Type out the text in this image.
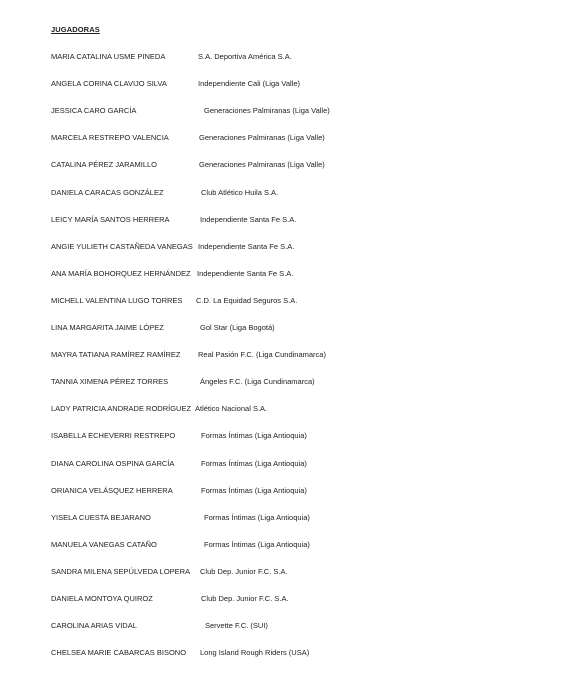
JUGADORAS
MARIA CATALINA USME PINEDA	S.A. Deportiva América S.A.
ANGELA CORINA CLAVIJO SILVA	Independiente Cali (Liga Valle)
JESSICA CARO GARCÍA	Generaciones Palmiranas (Liga Valle)
MARCELA RESTREPO VALENCIA	Generaciones Palmiranas (Liga Valle)
CATALINA PÉREZ JARAMILLO	Generaciones Palmiranas (Liga Valle)
DANIELA CARACAS GONZÁLEZ	Club Atlético Huila S.A.
LEICY MARÍA SANTOS HERRERA	Independiente Santa Fe S.A.
ANGIE YULIETH CASTAÑEDA VANEGAS Independiente Santa Fe S.A.
ANA MARÍA BOHORQUEZ HERNÁNDEZ Independiente Santa Fe S.A.
MICHELL VALENTINA LUGO TORRES C.D. La Equidad Seguros S.A.
LINA MARGARITA JAIME LÓPEZ	Gol Star (Liga Bogotá)
MAYRA TATIANA RAMÍREZ RAMÍREZ Real Pasión F.C. (Liga Cundinamarca)
TANNIA XIMENA PÉREZ TORRES	Ángeles F.C. (Liga Cundinamarca)
LADY PATRICIA ANDRADE RODRÍGUEZ Atlético Nacional S.A.
ISABELLA ECHEVERRI RESTREPO	Formas Íntimas (Liga Antioquia)
DIANA CAROLINA OSPINA GARCÍA	Formas Íntimas (Liga Antioquia)
ORIANICA VELÁSQUEZ HERRERA	Formas Íntimas (Liga Antioquia)
YISELA CUESTA BEJARANO	Formas Íntimas (Liga Antioquia)
MANUELA VANEGAS CATAÑO	Formas Íntimas (Liga Antioquia)
SANDRA MILENA SEPÚLVEDA LOPERA Club Dep. Junior F.C. S.A.
DANIELA MONTOYA QUIROZ	Club Dep. Junior F.C. S.A.
CAROLINA ARIAS VIDAL	Servette F.C. (SUI)
CHELSEA MARIE CABARCAS BISONO Long Island Rough Riders (USA)
